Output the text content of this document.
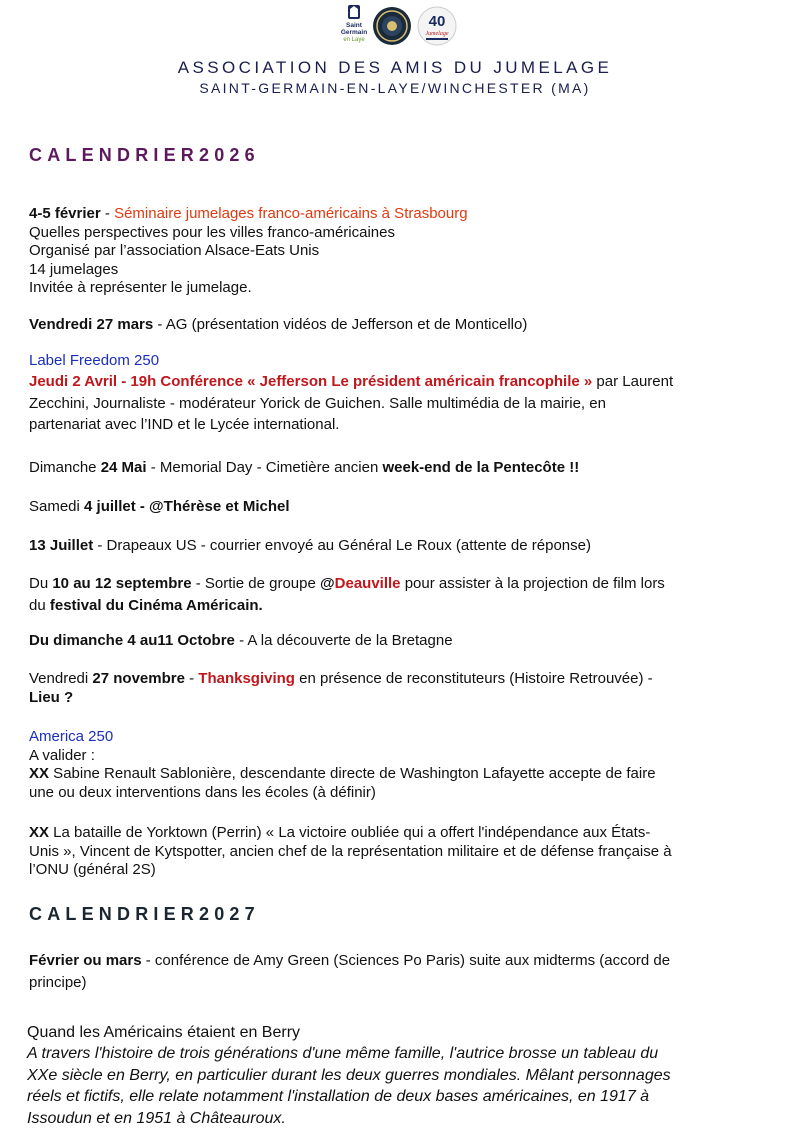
Saint
Germain
en Laye
40
Jumelage
ASSOCIATION DES AMIS DU JUMELAGE
SAINT-GERMAIN-EN-LAYE/WINCHESTER (MA)
CALENDRIER2026

4-5 février - Séminaire jumelages franco-américains à Strasbourg

Quelles perspectives pour les villes franco-américaines

Organisé par l’association Alsace-Eats Unis

14 jumelages

Invitée à représenter le jumelage.

Vendredi 27 mars - AG (présentation vidéos de Jefferson et de Monticello)

Label Freedom 250

Jeudi 2 Avril - 19h Conférence « Jefferson Le président américain francophile » par Laurent

Zecchini, Journaliste - modérateur Yorick de Guichen. Salle multimédia de la mairie, en

partenariat avec l’IND et le Lycée international.

Dimanche 24 Mai - Memorial Day - Cimetière ancien week-end de la Pentecôte !!

Samedi 4 juillet - @Thérèse et Michel

13 Juillet - Drapeaux US - courrier envoyé au Général Le Roux (attente de réponse)

Du 10 au 12 septembre - Sortie de groupe @Deauville pour assister à la projection de film lors

du festival du Cinéma Américain.

Du dimanche 4 au11 Octobre - A la découverte de la Bretagne

Vendredi 27 novembre - Thanksgiving en présence de reconstituteurs (Histoire Retrouvée) -

Lieu ?

America 250

A valider :

XX Sabine Renault Sablonière, descendante directe de Washington Lafayette accepte de faire

une ou deux interventions dans les écoles (à définir)

XX La bataille de Yorktown (Perrin) « La victoire oubliée qui a offert l'indépendance aux États-

Unis », Vincent de Kytspotter, ancien chef de la représentation militaire et de défense française à

l’ONU (général 2S)

CALENDRIER2027

Février ou mars - conférence de Amy Green (Sciences Po Paris) suite aux midterms (accord de

principe)

Quand les Américains étaient en Berry

A travers l'histoire de trois générations d'une même famille, l'autrice brosse un tableau du

XXe siècle en Berry, en particulier durant les deux guerres mondiales. Mêlant personnages

réels et fictifs, elle relate notamment l'installation de deux bases américaines, en 1917 à

Issoudun et en 1951 à Châteauroux.
